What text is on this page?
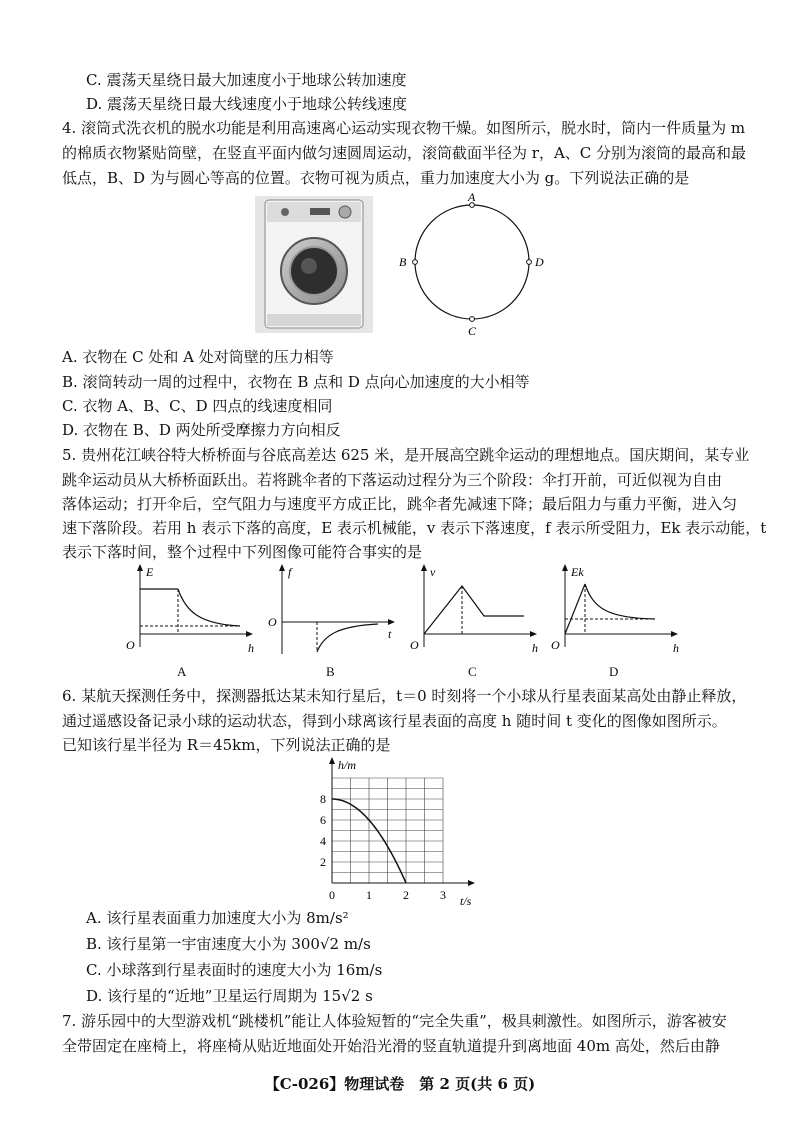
C. 震荡天星绕日最大加速度小于地球公转加速度
D. 震荡天星绕日最大线速度小于地球公转线速度
4. 滚筒式洗衣机的脱水功能是利用高速离心运动实现衣物干燥。如图所示，脱水时，筒内一件质量为 m
的棉质衣物紧贴筒壁，在竖直平面内做匀速圆周运动，滚筒截面半径为 r，A、C 分别为滚筒的最高和最
低点，B、D 为与圆心等高的位置。衣物可视为质点，重力加速度大小为 g。下列说法正确的是
A
C
B	D
A. 衣物在 C 处和 A 处对筒壁的压力相等
B. 滚筒转动一周的过程中，衣物在 B 点和 D 点向心加速度的大小相等
C. 衣物 A、B、C、D 四点的线速度相同
D. 衣物在 B、D 两处所受摩擦力方向相反
5. 贵州花江峡谷特大桥桥面与谷底高差达 625 米，是开展高空跳伞运动的理想地点。国庆期间，某专业
跳伞运动员从大桥桥面跃出。若将跳伞者的下落运动过程分为三个阶段：伞打开前，可近似视为自由
落体运动；打开伞后，空气阻力与速度平方成正比，跳伞者先减速下降；最后阻力与重力平衡，进入匀
速下落阶段。若用 h 表示下落的高度，E 表示机械能，v 表示下落速度，f 表示所受阻力，Ek 表示动能，t
表示下落时间，整个过程中下列图像可能符合事实的是
E
h
O
A
f
t
O
B
v
h
O
C
Ek
h
O
D
6. 某航天探测任务中，探测器抵达某未知行星后，t＝0 时刻将一个小球从行星表面某高处由静止释放，
通过遥感设备记录小球的运动状态，得到小球离该行星表面的高度 h 随时间 t 变化的图像如图所示。
已知该行星半径为 R＝45km，下列说法正确的是
2
4
6
8
0	1	2	3
h/m
t/s
A. 该行星表面重力加速度大小为 8m/s²
B. 该行星第一宇宙速度大小为 300√2 m/s
C. 小球落到行星表面时的速度大小为 16m/s
D. 该行星的“近地”卫星运行周期为 15√2 s
7. 游乐园中的大型游戏机“跳楼机”能让人体验短暂的“完全失重”，极具刺激性。如图所示，游客被安
全带固定在座椅上，将座椅从贴近地面处开始沿光滑的竖直轨道提升到离地面 40m 高处，然后由静
【C-026】物理试卷　第 2 页(共 6 页)
